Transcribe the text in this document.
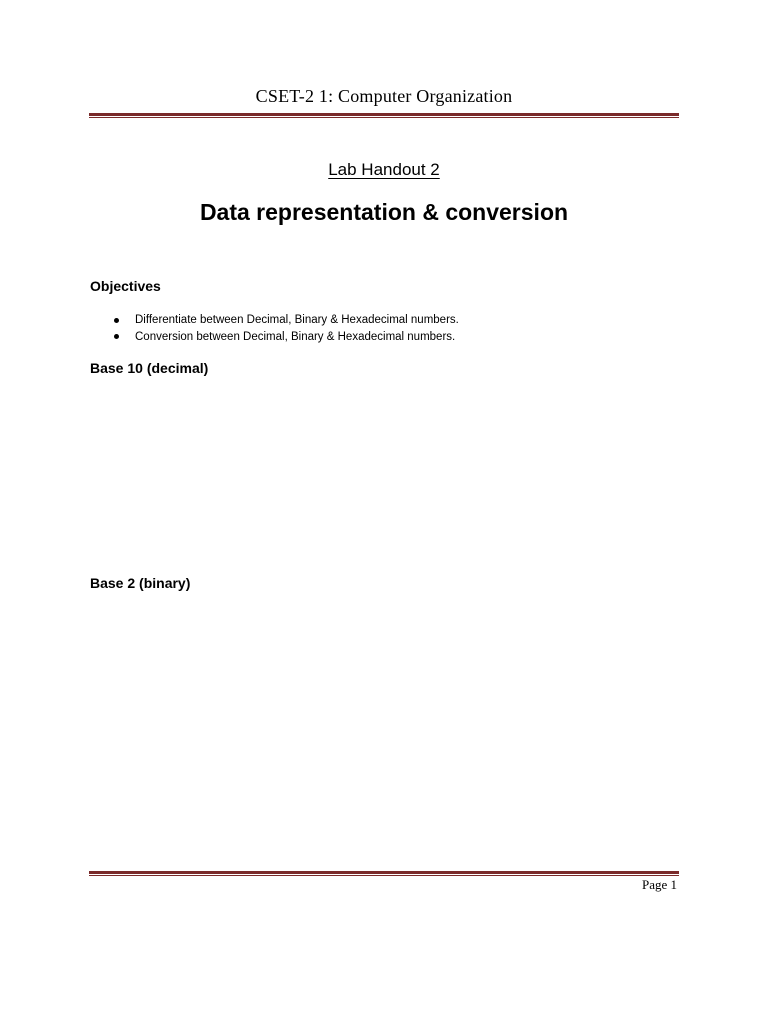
CSET-2 1: Computer Organization
Lab Handout 2
Data representation & conversion
Objectives
Differentiate between Decimal, Binary & Hexadecimal numbers.
Conversion between Decimal, Binary & Hexadecimal numbers.
Base 10 (decimal)
Base 2 (binary)
Page 1
